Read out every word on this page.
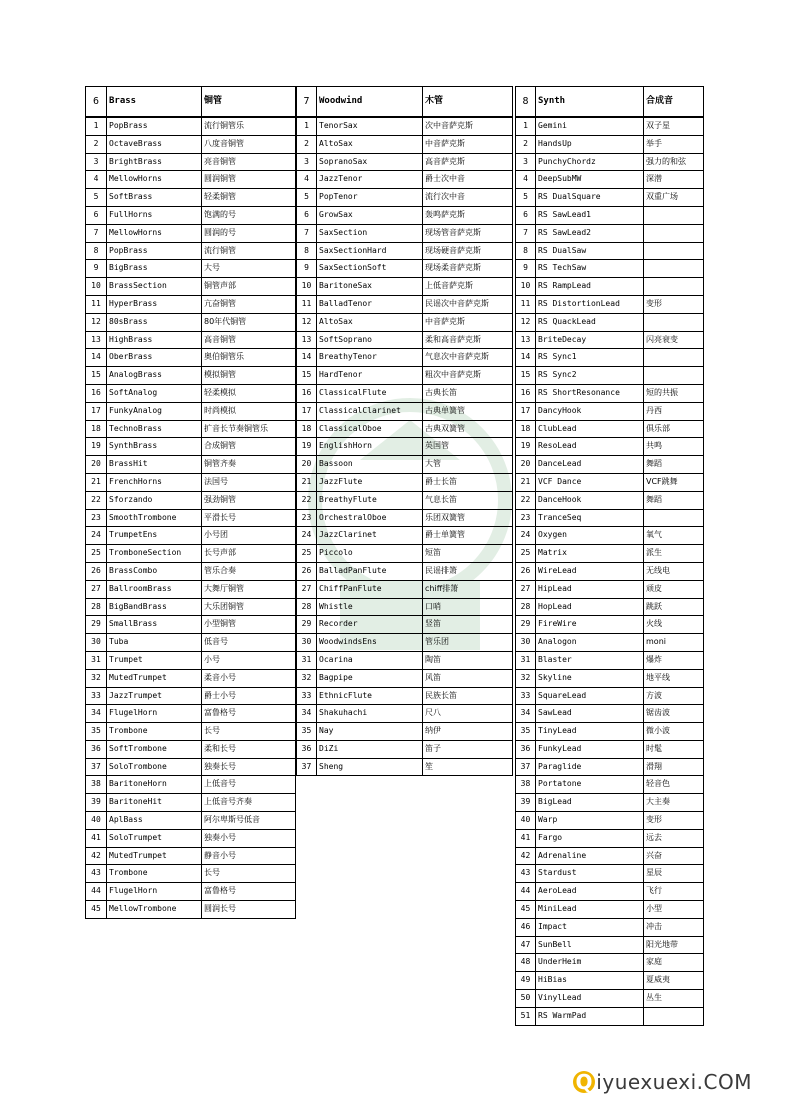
6	Brass	铜管
1	PopBrass	流行铜管乐
2	OctaveBrass	八度音铜管
3	BrightBrass	亮音铜管
4	MellowHorns	圆润铜管
5	SoftBrass	轻柔铜管
6	FullHorns	饱满的号
7	MellowHorns	圆润的号
8	PopBrass	流行铜管
9	BigBrass	大号
10	BrassSection	铜管声部
11	HyperBrass	亢奋铜管
12	80sBrass	80年代铜管
13	HighBrass	高音铜管
14	OberBrass	奥伯铜管乐
15	AnalogBrass	模拟铜管
16	SoftAnalog	轻柔模拟
17	FunkyAnalog	时尚模拟
18	TechnoBrass	扩音长节奏铜管乐
19	SynthBrass	合成铜管
20	BrassHit	铜管齐奏
21	FrenchHorns	法国号
22	Sforzando	强劲铜管
23	SmoothTrombone	平滑长号
24	TrumpetEns	小号团
25	TromboneSection	长号声部
26	BrassCombo	管乐合奏
27	BallroomBrass	大舞厅铜管
28	BigBandBrass	大乐团铜管
29	SmallBrass	小型铜管
30	Tuba	低音号
31	Trumpet	小号
32	MutedTrumpet	柔音小号
33	JazzTrumpet	爵士小号
34	FlugelHorn	富鲁格号
35	Trombone	长号
36	SoftTrombone	柔和长号
37	SoloTrombone	独奏长号
38	BaritoneHorn	上低音号
39	BaritoneHit	上低音号齐奏
40	AplBass	阿尔卑斯号低音
41	SoloTrumpet	独奏小号
42	MutedTrumpet	静音小号
43	Trombone	长号
44	FlugelHorn	富鲁格号
45	MellowTrombone	圆润长号
7	Woodwind	木管
1	TenorSax	次中音萨克斯
2	AltoSax	中音萨克斯
3	SopranoSax	高音萨克斯
4	JazzTenor	爵士次中音
5	PopTenor	流行次中音
6	GrowSax	轰鸣萨克斯
7	SaxSection	现场管音萨克斯
8	SaxSectionHard	现场硬音萨克斯
9	SaxSectionSoft	现场柔音萨克斯
10	BaritoneSax	上低音萨克斯
11	BalladTenor	民谣次中音萨克斯
12	AltoSax	中音萨克斯
13	SoftSoprano	柔和高音萨克斯
14	BreathyTenor	气息次中音萨克斯
15	HardTenor	粗次中音萨克斯
16	ClassicalFlute	古典长笛
17	ClassicalClarinet	古典单簧管
18	ClassicalOboe	古典双簧管
19	EnglishHorn	英国管
20	Bassoon	大管
21	JazzFlute	爵士长笛
22	BreathyFlute	气息长笛
23	OrchestralOboe	乐团双簧管
24	JazzClarinet	爵士单簧管
25	Piccolo	短笛
26	BalladPanFlute	民谣排箫
27	ChiffPanFlute	chiff排箫
28	Whistle	口哨
29	Recorder	竖笛
30	WoodwindsEns	管乐团
31	Ocarina	陶笛
32	Bagpipe	风笛
33	EthnicFlute	民族长笛
34	Shakuhachi	尺八
35	Nay	纳伊
36	DiZi	笛子
37	Sheng	笙
8	Synth	合成音
1	Gemini	双子星
2	HandsUp	举手
3	PunchyChordz	强力的和弦
4	DeepSubMW	深潜
5	RS DualSquare	双重广场
6	RS SawLead1	
7	RS SawLead2	
8	RS DualSaw	
9	RS TechSaw	
10	RS RampLead	
11	RS DistortionLead	变形
12	RS QuackLead	
13	BriteDecay	闪亮衰变
14	RS Sync1	
15	RS Sync2	
16	RS ShortResonance	短的共振
17	DancyHook	丹西
18	ClubLead	俱乐部
19	ResoLead	共鸣
20	DanceLead	舞蹈
21	VCF Dance	VCF跳舞
22	DanceHook	舞蹈
23	TranceSeq	
24	Oxygen	氧气
25	Matrix	派生
26	WireLead	无线电
27	HipLead	顽皮
28	HopLead	跳跃
29	FireWire	火线
30	Analogon	moni
31	Blaster	爆炸
32	Skyline	地平线
33	SquareLead	方波
34	SawLead	锯齿波
35	TinyLead	微小波
36	FunkyLead	时髦
37	Paraglide	滑翔
38	Portatone	轻音色
39	BigLead	大主奏
40	Warp	变形
41	Fargo	远去
42	Adrenaline	兴奋
43	Stardust	星辰
44	AeroLead	飞行
45	MiniLead	小型
46	Impact	冲击
47	SunBell	阳光地带
48	UnderHeim	家庭
49	HiBias	夏威夷
50	VinylLead	丛生
51	RS WarmPad	
Q iyuexuexi.COM
